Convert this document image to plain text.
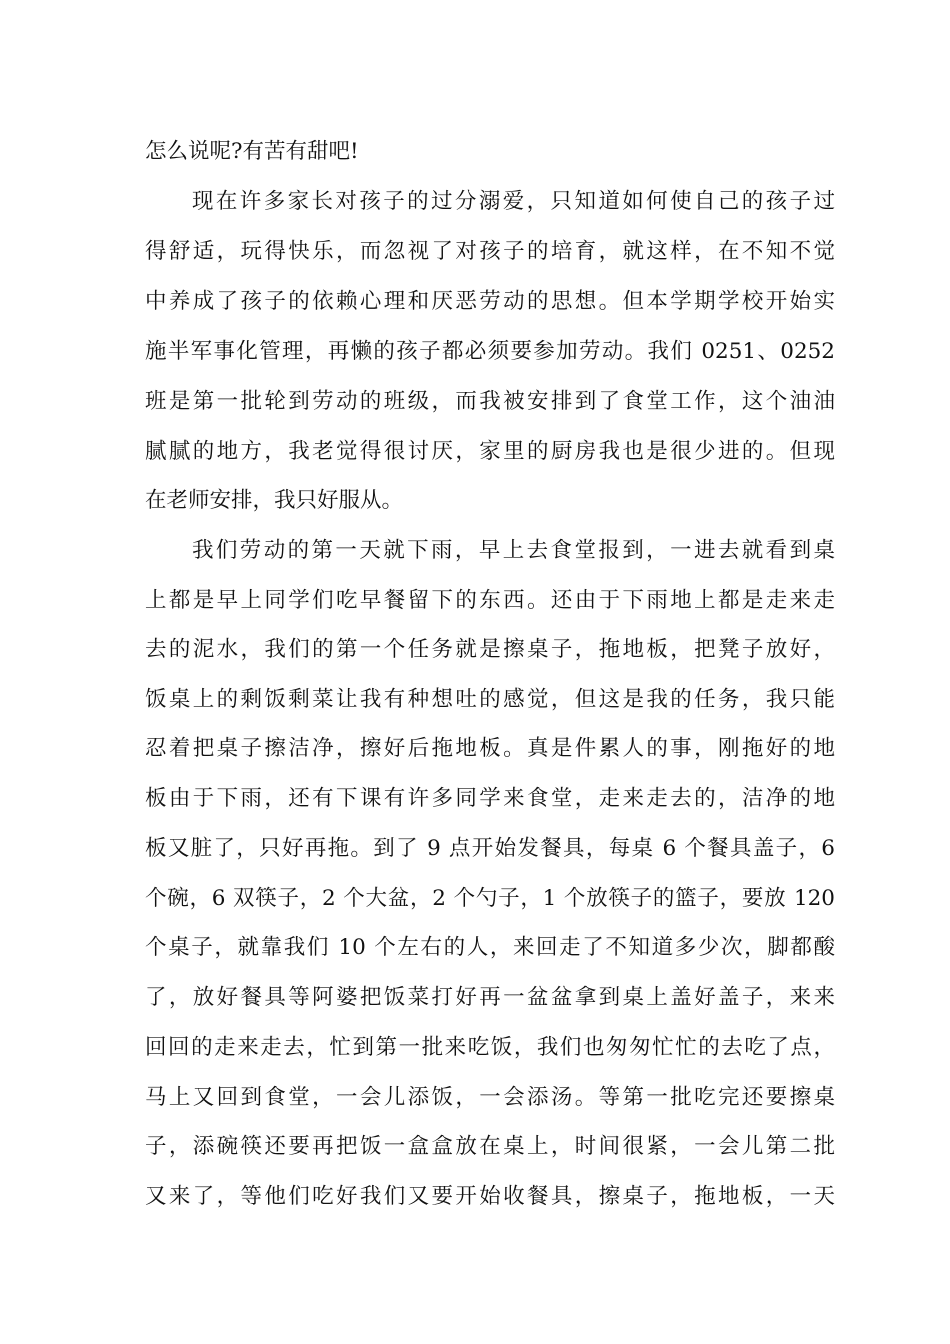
怎么说呢?有苦有甜吧!
现在许多家长对孩子的过分溺爱，只知道如何使自己的孩子过
得舒适，玩得快乐，而忽视了对孩子的培育，就这样，在不知不觉
中养成了孩子的依赖心理和厌恶劳动的思想。但本学期学校开始实
施半军事化管理，再懒的孩子都必须要参加劳动。我们 0251、0252
班是第一批轮到劳动的班级，而我被安排到了食堂工作，这个油油
腻腻的地方，我老觉得很讨厌，家里的厨房我也是很少进的。但现
在老师安排，我只好服从。
我们劳动的第一天就下雨，早上去食堂报到，一进去就看到桌
上都是早上同学们吃早餐留下的东西。还由于下雨地上都是走来走
去的泥水，我们的第一个任务就是擦桌子，拖地板，把凳子放好，
饭桌上的剩饭剩菜让我有种想吐的感觉，但这是我的任务，我只能
忍着把桌子擦洁净，擦好后拖地板。真是件累人的事，刚拖好的地
板由于下雨，还有下课有许多同学来食堂，走来走去的，洁净的地
板又脏了，只好再拖。到了 9 点开始发餐具，每桌 6 个餐具盖子，6
个碗，6 双筷子，2 个大盆，2 个勺子，1 个放筷子的篮子，要放 120
个桌子，就靠我们 10 个左右的人，来回走了不知道多少次，脚都酸
了，放好餐具等阿婆把饭菜打好再一盆盆拿到桌上盖好盖子，来来
回回的走来走去，忙到第一批来吃饭，我们也匆匆忙忙的去吃了点，
马上又回到食堂，一会儿添饭，一会添汤。等第一批吃完还要擦桌
子，添碗筷还要再把饭一盒盒放在桌上，时间很紧，一会儿第二批
又来了，等他们吃好我们又要开始收餐具，擦桌子，拖地板，一天
